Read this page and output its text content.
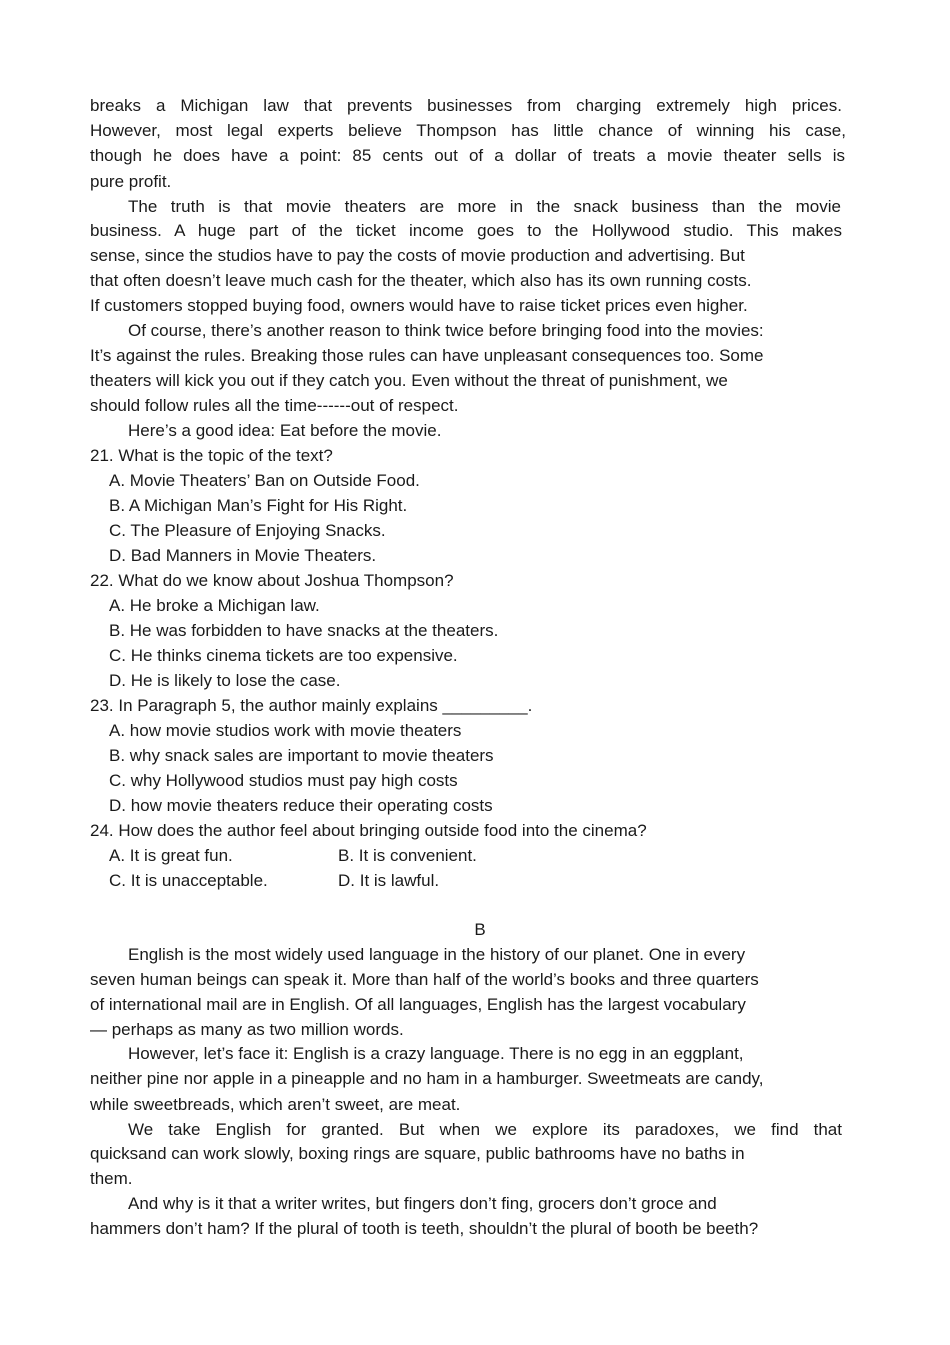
breaks a Michigan law that prevents businesses from charging extremely high prices.
However, most legal experts believe Thompson has little chance of winning his case,
though he does have a point: 85 cents out of a dollar of treats a movie theater sells is
pure profit.
The truth is that movie theaters are more in the snack business than the movie
business. A huge part of the ticket income goes to the Hollywood studio. This makes
sense, since the studios have to pay the costs of movie production and advertising. But
that often doesn’t leave much cash for the theater, which also has its own running costs.
If customers stopped buying food, owners would have to raise ticket prices even higher.
Of course, there’s another reason to think twice before bringing food into the movies:
It’s against the rules. Breaking those rules can have unpleasant consequences too. Some
theaters will kick you out if they catch you. Even without the threat of punishment, we
should follow rules all the time------out of respect.
Here’s a good idea: Eat before the movie.
21. What is the topic of the text?
A. Movie Theaters’ Ban on Outside Food.
B. A Michigan Man’s Fight for His Right.
C. The Pleasure of Enjoying Snacks.
D. Bad Manners in Movie Theaters.
22. What do we know about Joshua Thompson?
A. He broke a Michigan law.
B. He was forbidden to have snacks at the theaters.
C. He thinks cinema tickets are too expensive.
D. He is likely to lose the case.
23. In Paragraph 5, the author mainly explains _________.
A. how movie studios work with movie theaters
B. why snack sales are important to movie theaters
C. why Hollywood studios must pay high costs
D. how movie theaters reduce their operating costs
24. How does the author feel about bringing outside food into the cinema?
A. It is great fun.	B. It is convenient.
C. It is unacceptable.	D. It is lawful.
B
English is the most widely used language in the history of our planet. One in every
seven human beings can speak it. More than half of the world’s books and three quarters
of international mail are in English. Of all languages, English has the largest vocabulary
— perhaps as many as two million words.
However, let’s face it: English is a crazy language. There is no egg in an eggplant,
neither pine nor apple in a pineapple and no ham in a hamburger. Sweetmeats are candy,
while sweetbreads, which aren’t sweet, are meat.
We take English for granted. But when we explore its paradoxes, we find that
quicksand can work slowly, boxing rings are square, public bathrooms have no baths in
them.
And why is it that a writer writes, but fingers don’t fing, grocers don’t groce and
hammers don’t ham? If the plural of tooth is teeth, shouldn’t the plural of booth be beeth?
